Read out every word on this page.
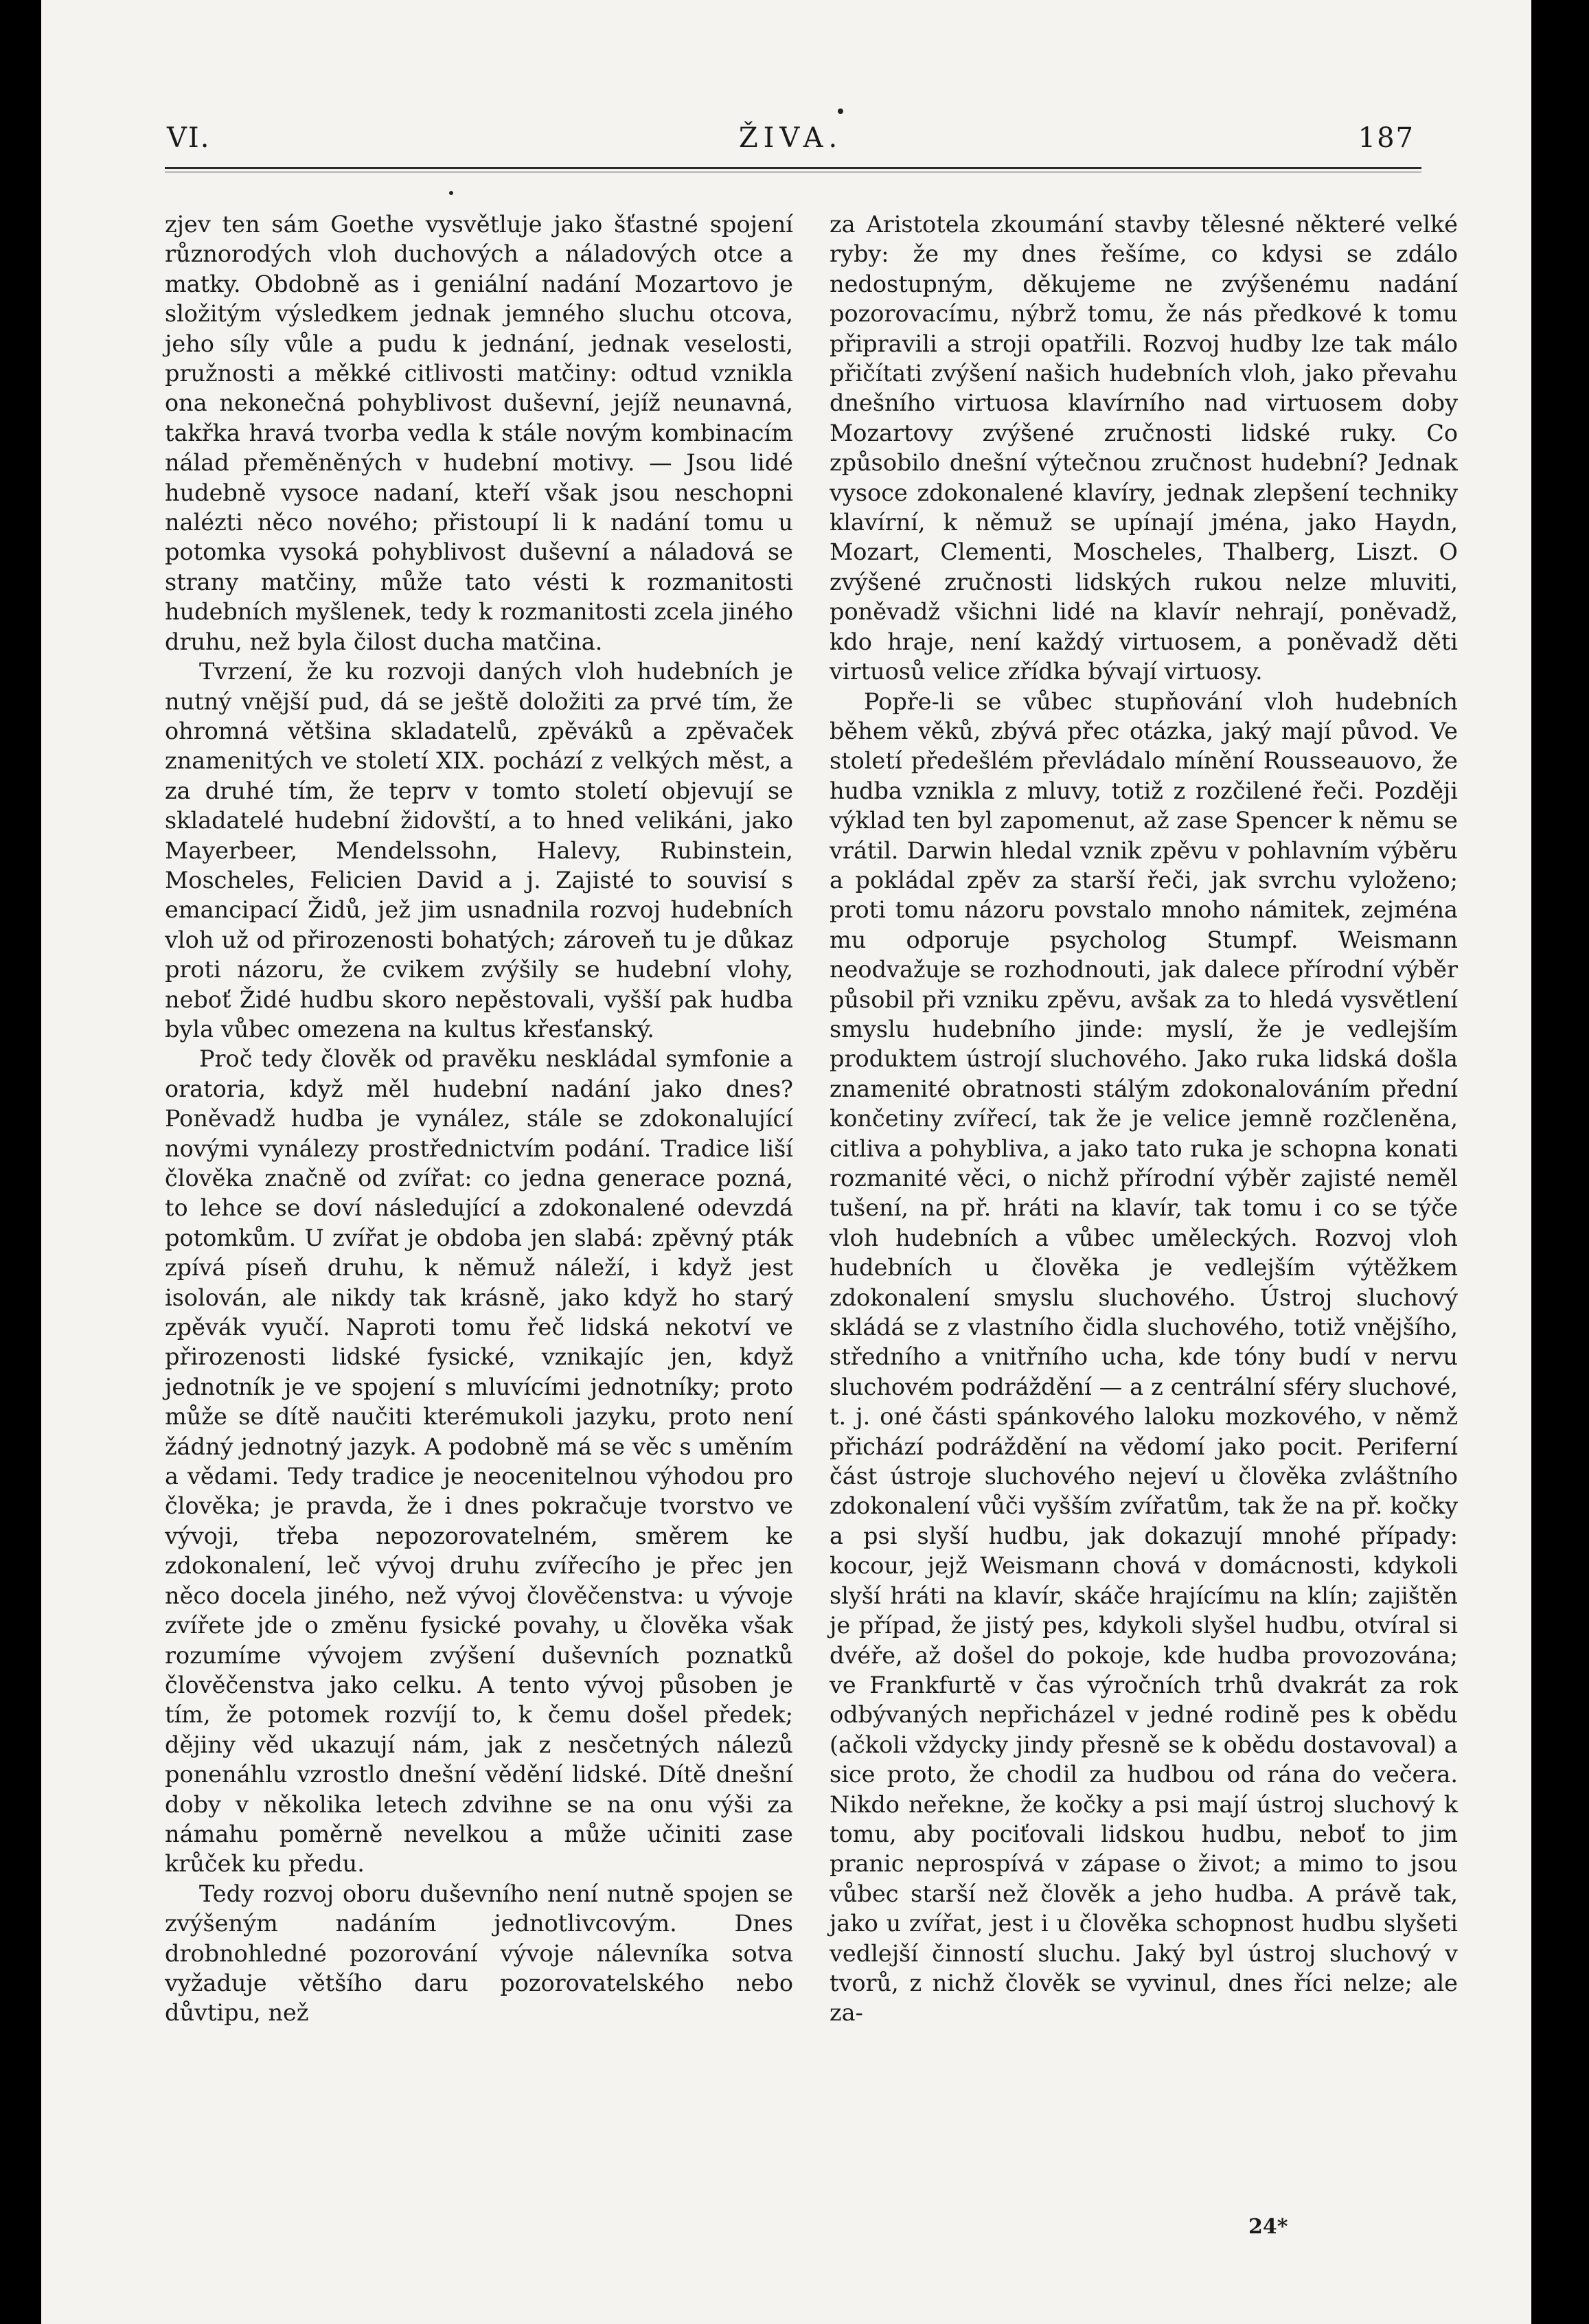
VI.	ŽIVA.	187

zjev ten sám Goethe vysvětluje jako šťastné spojení různorodých vloh duchových a náladových otce a matky. Obdobně as i geniální nadání Mozartovo je složitým výsledkem jednak jemného sluchu otcova, jeho síly vůle a pudu k jednání, jednak veselosti, pružnosti a měkké citlivosti matčiny: odtud vznikla ona nekonečná pohyblivost duševní, jejíž neunavná, takřka hravá tvorba vedla k stále novým kombinacím nálad přeměněných v hudební motivy. — Jsou lidé hudebně vysoce nadaní, kteří však jsou neschopni nalézti něco nového; přistoupí li k nadání tomu u potomka vysoká pohyblivost duševní a náladová se strany matčiny, může tato vésti k rozmanitosti hudebních myšlenek, tedy k rozmanitosti zcela jiného druhu, než byla čilost ducha matčina.

Tvrzení, že ku rozvoji daných vloh hudebních je nutný vnější pud, dá se ještě doložiti za prvé tím, že ohromná většina skladatelů, zpěváků a zpěvaček znamenitých ve století XIX. pochází z velkých měst, a za druhé tím, že teprv v tomto století objevují se skladatelé hudební židovští, a to hned velikáni, jako Mayerbeer, Mendelssohn, Halevy, Rubinstein, Moscheles, Felicien David a j. Zajisté to souvisí s emancipací Židů, jež jim usnadnila rozvoj hudebních vloh už od přirozenosti bohatých; zároveň tu je důkaz proti názoru, že cvikem zvýšily se hudební vlohy, neboť Židé hudbu skoro nepěstovali, vyšší pak hudba byla vůbec omezena na kultus křesťanský.

Proč tedy člověk od pravěku neskládal symfonie a oratoria, když měl hudební nadání jako dnes? Poněvadž hudba je vynález, stále se zdokonalující novými vynálezy prostřednictvím podání. Tradice liší člověka značně od zvířat: co jedna generace pozná, to lehce se doví následující a zdokonalené odevzdá potomkům. U zvířat je obdoba jen slabá: zpěvný pták zpívá píseň druhu, k němuž náleží, i když jest isolován, ale nikdy tak krásně, jako když ho starý zpěvák vyučí. Naproti tomu řeč lidská nekotví ve přirozenosti lidské fysické, vznikajíc jen, když jednotník je ve spojení s mluvícími jednotníky; proto může se dítě naučiti kterémukoli jazyku, proto není žádný jednotný jazyk. A podobně má se věc s uměním a vědami. Tedy tradice je neocenitelnou výhodou pro člověka; je pravda, že i dnes pokračuje tvorstvo ve vývoji, třeba nepozorovatelném, směrem ke zdokonalení, leč vývoj druhu zvířecího je přec jen něco docela jiného, než vývoj člověčenstva: u vývoje zvířete jde o změnu fysické povahy, u člověka však rozumíme vývojem zvýšení duševních poznatků člověčenstva jako celku. A tento vývoj působen je tím, že potomek rozvíjí to, k čemu došel předek; dějiny věd ukazují nám, jak z nesčetných nálezů ponenáhlu vzrostlo dnešní vědění lidské. Dítě dnešní doby v několika letech zdvihne se na onu výši za námahu poměrně nevelkou a může učiniti zase krůček ku předu.

Tedy rozvoj oboru duševního není nutně spojen se zvýšeným nadáním jednotlivcovým. Dnes drobnohledné pozorování vývoje nálevníka sotva vyžaduje většího daru pozorovatelského nebo důvtipu, než

za Aristotela zkoumání stavby tělesné některé velké ryby: že my dnes řešíme, co kdysi se zdálo nedostupným, děkujeme ne zvýšenému nadání pozorovacímu, nýbrž tomu, že nás předkové k tomu připravili a stroji opatřili. Rozvoj hudby lze tak málo přičítati zvýšení našich hudebních vloh, jako převahu dnešního virtuosa klavírního nad virtuosem doby Mozartovy zvýšené zručnosti lidské ruky. Co způsobilo dnešní výtečnou zručnost hudební? Jednak vysoce zdokonalené klavíry, jednak zlepšení techniky klavírní, k němuž se upínají jména, jako Haydn, Mozart, Clementi, Moscheles, Thalberg, Liszt. O zvýšené zručnosti lidských rukou nelze mluviti, poněvadž všichni lidé na klavír nehrají, poněvadž, kdo hraje, není každý virtuosem, a poněvadž děti virtuosů velice zřídka bývají virtuosy.

Popře-li se vůbec stupňování vloh hudebních během věků, zbývá přec otázka, jaký mají původ. Ve století předešlém převládalo mínění Rousseauovo, že hudba vznikla z mluvy, totiž z rozčilené řeči. Později výklad ten byl zapomenut, až zase Spencer k němu se vrátil. Darwin hledal vznik zpěvu v pohlavním výběru a pokládal zpěv za starší řeči, jak svrchu vyloženo; proti tomu názoru povstalo mnoho námitek, zejména mu odporuje psycholog Stumpf. Weismann neodvažuje se rozhodnouti, jak dalece přírodní výběr působil při vzniku zpěvu, avšak za to hledá vysvětlení smyslu hudebního jinde: myslí, že je vedlejším produktem ústrojí sluchového. Jako ruka lidská došla znamenité obratnosti stálým zdokonalováním přední končetiny zvířecí, tak že je velice jemně rozčleněna, citliva a pohybliva, a jako tato ruka je schopna konati rozmanité věci, o nichž přírodní výběr zajisté neměl tušení, na př. hráti na klavír, tak tomu i co se týče vloh hudebních a vůbec uměleckých. Rozvoj vloh hudebních u člověka je vedlejším výtěžkem zdokonalení smyslu sluchového. Ústroj sluchový skládá se z vlastního čidla sluchového, totiž vnějšího, středního a vnitřního ucha, kde tóny budí v nervu sluchovém podráždění — a z centrální sféry sluchové, t. j. oné části spánkového laloku mozkového, v němž přichází podráždění na vědomí jako pocit. Periferní část ústroje sluchového nejeví u člověka zvláštního zdokonalení vůči vyšším zvířatům, tak že na př. kočky a psi slyší hudbu, jak dokazují mnohé případy: kocour, jejž Weismann chová v domácnosti, kdykoli slyší hráti na klavír, skáče hrajícímu na klín; zajištěn je případ, že jistý pes, kdykoli slyšel hudbu, otvíral si dvéře, až došel do pokoje, kde hudba provozována; ve Frankfurtě v čas výročních trhů dvakrát za rok odbývaných nepřicházel v jedné rodině pes k obědu (ačkoli vždycky jindy přesně se k obědu dostavoval) a sice proto, že chodil za hudbou od rána do večera. Nikdo neřekne, že kočky a psi mají ústroj sluchový k tomu, aby pociťovali lidskou hudbu, neboť to jim pranic neprospívá v zápase o život; a mimo to jsou vůbec starší než člověk a jeho hudba. A právě tak, jako u zvířat, jest i u člověka schopnost hudbu slyšeti vedlejší činností sluchu. Jaký byl ústroj sluchový v tvorů, z nichž člověk se vyvinul, dnes říci nelze; ale za-

24*
